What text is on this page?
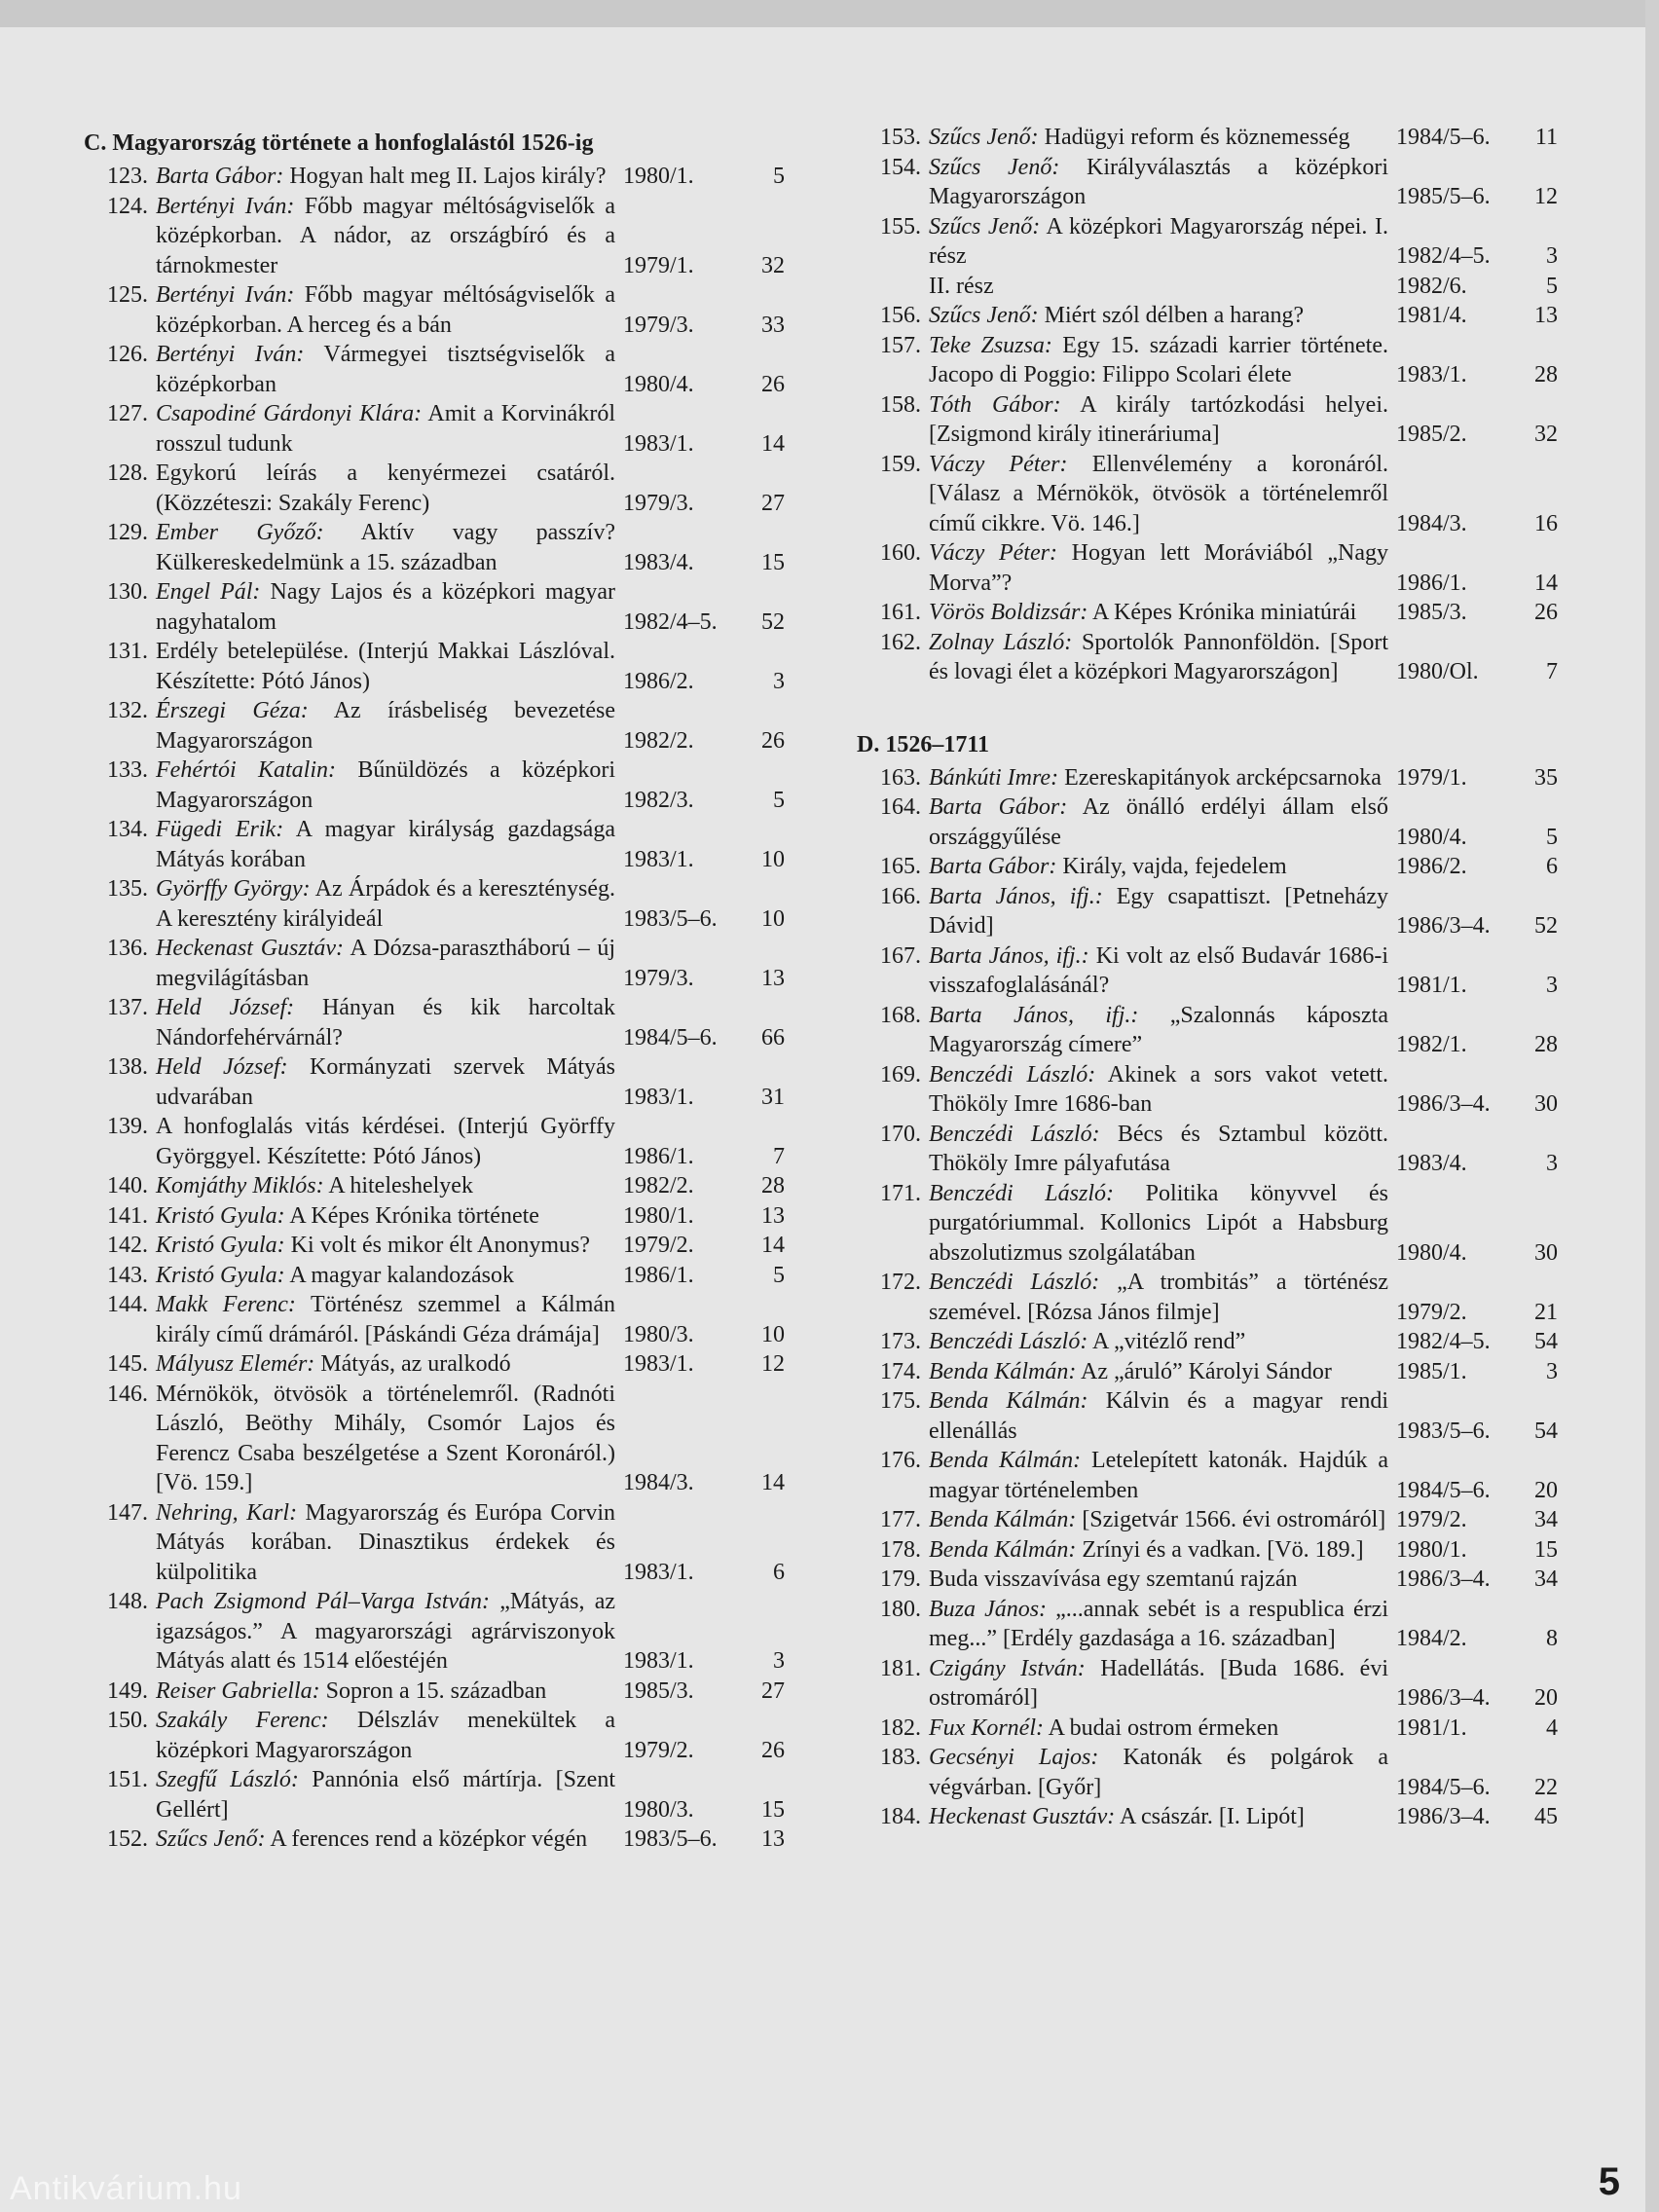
C. Magyarország története a honfoglalástól 1526-ig
123. Barta Gábor: Hogyan halt meg II. Lajos király? 1980/1.	5
124. Bertényi Iván: Főbb magyar méltóságviselők a középkorban. A nádor, az országbíró és a tárnokmester	1979/1.	32
125. Bertényi Iván: Főbb magyar méltóságviselők a középkorban. A herceg és a bán	1979/3.	33
126. Bertényi Iván: Vármegyei tisztségviselők a középkorban	1980/4.	26
127. Csapodiné Gárdonyi Klára: Amit a Korvinákról rosszul tudunk	1983/1.	14
128. Egykorú leírás a kenyérmezei csatáról. (Közzéteszi: Szakály Ferenc)	1979/3.	27
129. Ember Győző: Aktív vagy passzív? Külkereskedelmünk a 15. században	1983/4.	15
130. Engel Pál: Nagy Lajos és a középkori magyar nagyhatalom	1982/4–5.	52
131. Erdély betelepülése. (Interjú Makkai Lászlóval. Készítette: Pótó János)	1986/2.	3
132. Érszegi Géza: Az írásbeliség bevezetése Magyarországon	1982/2.	26
133. Fehértói Katalin: Bűnüldözés a középkori Magyarországon	1982/3.	5
134. Fügedi Erik: A magyar királyság gazdagsága Mátyás korában	1983/1.	10
135. Györffy György: Az Árpádok és a kereszténység. A keresztény királyideál	1983/5–6.	10
136. Heckenast Gusztáv: A Dózsa-parasztháború – új megvilágításban	1979/3.	13
137. Held József: Hányan és kik harcoltak Nándorfehérvárnál?	1984/5–6.	66
138. Held József: Kormányzati szervek Mátyás udvarában	1983/1.	31
139. A honfoglalás vitás kérdései. (Interjú Györffy Györggyel. Készítette: Pótó János)	1986/1.	7
140. Komjáthy Miklós: A hiteleshelyek	1982/2.	28
141. Kristó Gyula: A Képes Krónika története	1980/1.	13
142. Kristó Gyula: Ki volt és mikor élt Anonymus?	1979/2.	14
143. Kristó Gyula: A magyar kalandozások	1986/1.	5
144. Makk Ferenc: Történész szemmel a Kálmán király című drámáról. [Páskándi Géza drámája]	1980/3.	10
145. Mályusz Elemér: Mátyás, az uralkodó	1983/1.	12
146. Mérnökök, ötvösök a történelemről. (Radnóti László, Beöthy Mihály, Csomór Lajos és Ferencz Csaba beszélgetése a Szent Koronáról.) [Vö. 159.]	1984/3.	14
147. Nehring, Karl: Magyarország és Európa Corvin Mátyás korában. Dinasztikus érdekek és külpolitika	1983/1.	6
148. Pach Zsigmond Pál–Varga István: „Mátyás, az igazságos.” A magyarországi agrárviszonyok Mátyás alatt és 1514 előestéjén	1983/1.	3
149. Reiser Gabriella: Sopron a 15. században	1985/3.	27
150. Szakály Ferenc: Délszláv menekültek a középkori Magyarországon	1979/2.	26
151. Szegfű László: Pannónia első mártírja. [Szent Gellért]	1980/3.	15
152. Szűcs Jenő: A ferences rend a középkor végén	1983/5–6.	13
153. Szűcs Jenő: Hadügyi reform és köznemesség	1984/5–6.	11
154. Szűcs Jenő: Királyválasztás a középkori Magyarországon	1985/5–6.	12
155. Szűcs Jenő: A középkori Magyarország népei. I. rész	1982/4–5.	3
II. rész	1982/6.	5
156. Szűcs Jenő: Miért szól délben a harang?	1981/4.	13
157. Teke Zsuzsa: Egy 15. századi karrier története. Jacopo di Poggio: Filippo Scolari élete	1983/1.	28
158. Tóth Gábor: A király tartózkodási helyei. [Zsigmond király itineráriuma]	1985/2.	32
159. Váczy Péter: Ellenvélemény a koronáról. [Válasz a Mérnökök, ötvösök a történelemről című cikkre. Vö. 146.]	1984/3.	16
160. Váczy Péter: Hogyan lett Moráviából „Nagy Morva”?	1986/1.	14
161. Vörös Boldizsár: A Képes Krónika miniatúrái	1985/3.	26
162. Zolnay László: Sportolók Pannonföldön. [Sport és lovagi élet a középkori Magyarországon]	1980/Ol.	7
D. 1526–1711
163. Bánkúti Imre: Ezereskapitányok arcképcsarnoka 1979/1.	35
164. Barta Gábor: Az önálló erdélyi állam első országgyűlése	1980/4.	5
165. Barta Gábor: Király, vajda, fejedelem	1986/2.	6
166. Barta János, ifj.: Egy csapattiszt. [Petneházy Dávid]	1986/3–4.	52
167. Barta János, ifj.: Ki volt az első Budavár 1686-i visszafoglalásánál?	1981/1.	3
168. Barta János, ifj.: „Szalonnás káposzta Magyarország címere”	1982/1.	28
169. Benczédi László: Akinek a sors vakot vetett. Thököly Imre 1686-ban	1986/3–4.	30
170. Benczédi László: Bécs és Sztambul között. Thököly Imre pályafutása	1983/4.	3
171. Benczédi László: Politika könyvvel és purgatóriummal. Kollonics Lipót a Habsburg abszolutizmus szolgálatában	1980/4.	30
172. Benczédi László: „A trombitás” a történész szemével. [Rózsa János filmje]	1979/2.	21
173. Benczédi László: A „vitézlő rend”	1982/4–5.	54
174. Benda Kálmán: Az „áruló” Károlyi Sándor	1985/1.	3
175. Benda Kálmán: Kálvin és a magyar rendi ellenállás	1983/5–6.	54
176. Benda Kálmán: Letelepített katonák. Hajdúk a magyar történelemben	1984/5–6.	20
177. Benda Kálmán: [Szigetvár 1566. évi ostromáról] 1979/2.	34
178. Benda Kálmán: Zrínyi és a vadkan. [Vö. 189.]	1980/1.	15
179. Buda visszavívása egy szemtanú rajzán	1986/3–4.	34
180. Buza János: „...annak sebét is a respublica érzi meg...” [Erdély gazdasága a 16. században]	1984/2.	8
181. Czigány István: Hadellátás. [Buda 1686. évi ostromáról]	1986/3–4.	20
182. Fux Kornél: A budai ostrom érmeken	1981/1.	4
183. Gecsényi Lajos: Katonák és polgárok a végvárban. [Győr]	1984/5–6.	22
184. Heckenast Gusztáv: A császár. [I. Lipót]	1986/3–4.	45
Antikvárium.hu	5
